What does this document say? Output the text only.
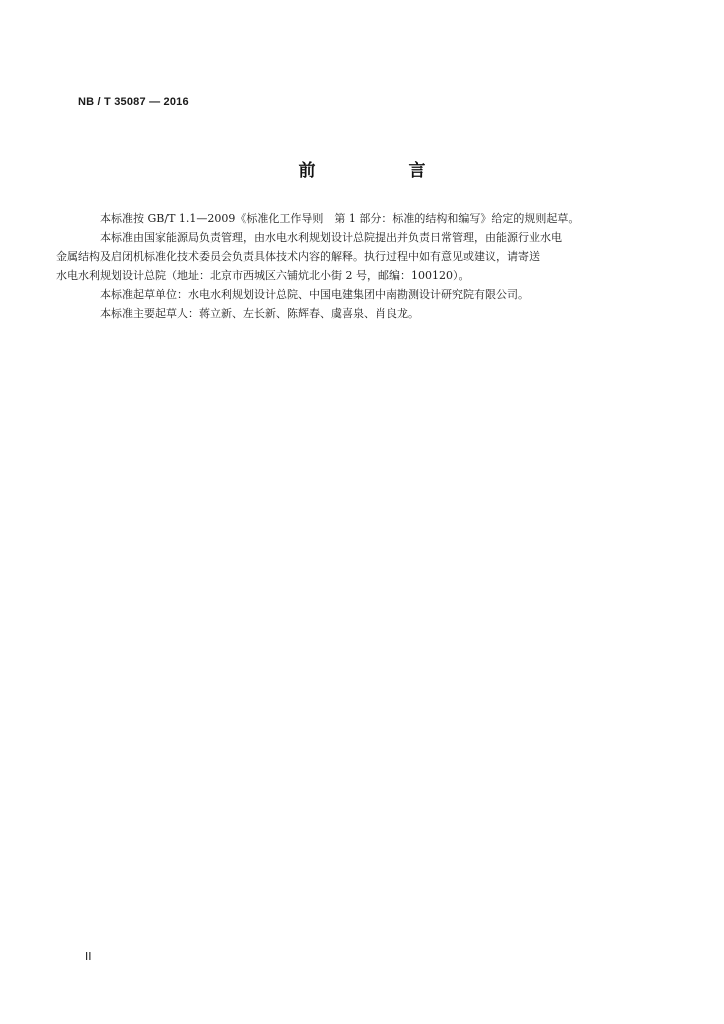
NB / T 35087 — 2016
前　言

本标准按 GB/T 1.1—2009《标准化工作导则　第 1 部分：标准的结构和编写》给定的规则起草。

本标准由国家能源局负责管理，由水电水利规划设计总院提出并负责日常管理，由能源行业水电
金属结构及启闭机标准化技术委员会负责具体技术内容的解释。执行过程中如有意见或建议，请寄送
水电水利规划设计总院（地址：北京市西城区六铺炕北小街 2 号，邮编：100120）。

本标准起草单位：水电水利规划设计总院、中国电建集团中南勘测设计研究院有限公司。

本标准主要起草人：蒋立新、左长新、陈辉春、虞喜泉、肖良龙。

II
